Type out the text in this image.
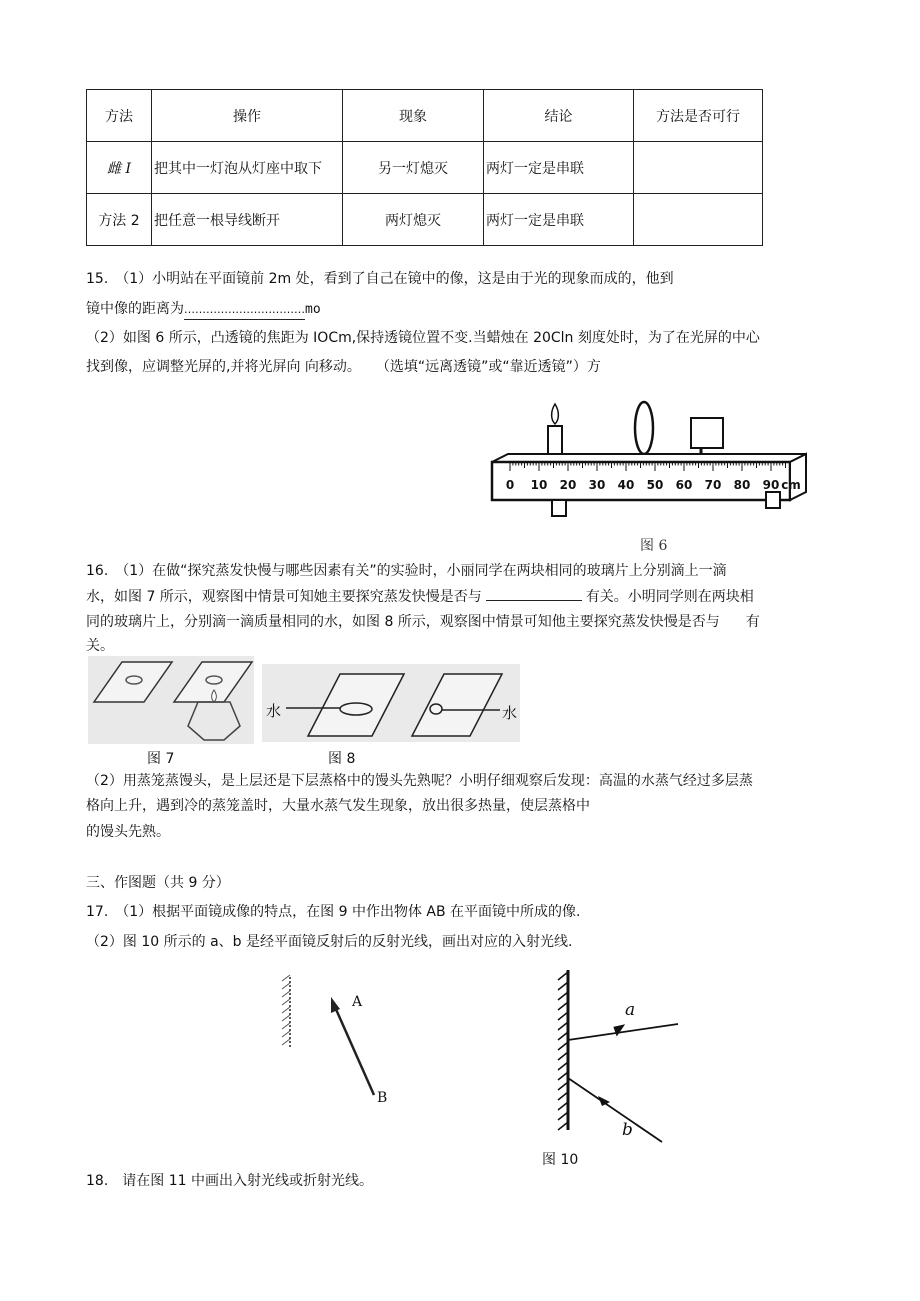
方法	操作	现象	结论	方法是否可行
雌 I	把其中一灯泡从灯座中取下	另一灯熄灭	两灯一定是串联	
方法 2	把任意一根导线断开	两灯熄灭	两灯一定是串联	
15.　（1）小明站在平面镜前 2m 处，看到了自己在镜中的像，这是由于光的现象而成的，他到
镜中像的距离为……………………………mo
（2）如图 6 所示，凸透镜的焦距为 IOCm,保持透镜位置不变.当蜡烛在 20Cln 刻度处时，为了在光屏的中心
找到像，应调整光屏的,并将光屏向 向移动。 （选填“远离透镜”或“靠近透镜”）方
0 10 20 30 40 50 60 70 80 90 cm
图 6
16.　（1）在做“探究蒸发快慢与哪些因素有关”的实验时，小丽同学在两块相同的玻璃片上分别滴上一滴
水，如图 7 所示，观察图中情景可知她主要探究蒸发快慢是否与	有关。小明同学则在两块相
同的玻璃片上，分别滴一滴质量相同的水，如图 8 所示，观察图中情景可知他主要探究蒸发快慢是否与 有
关。
图 7
水	水
图 8
（2）用蒸笼蒸馒头，是上层还是下层蒸格中的馒头先熟呢？小明仔细观察后发现：高温的水蒸气经过多层蒸
格向上升，遇到冷的蒸笼盖时，大量水蒸气发生现象，放出很多热量，使层蒸格中
的馒头先熟。
三、作图题（共 9 分）
17.　（1）根据平面镜成像的特点，在图 9 中作出物体 AB 在平面镜中所成的像.
（2）图 10 所示的 a、b 是经平面镜反射后的反射光线，画出对应的入射光线.
A
B
a
b
图 10
18.　请在图 11 中画出入射光线或折射光线。
